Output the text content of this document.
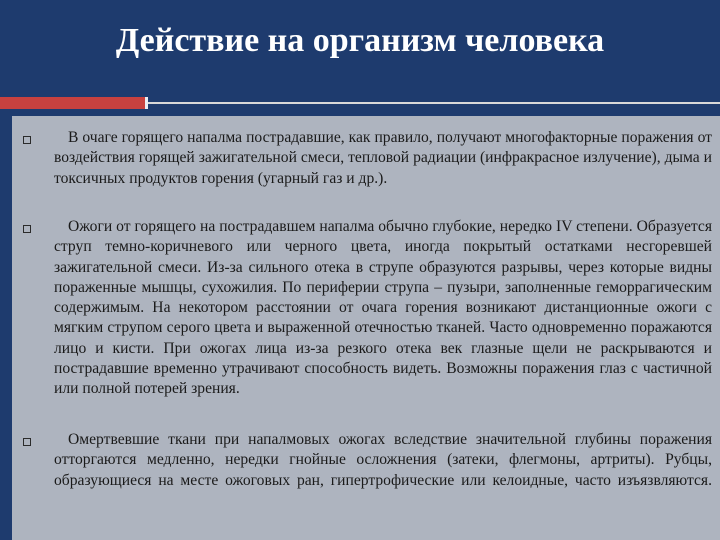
Действие на организм человека

В очаге горящего напалма пострадавшие, как правило, получают многофакторные поражения от воздействия горящей зажигательной смеси, тепловой радиации (инфракрасное излучение), дыма и токсичных продуктов горения (угарный газ и др.).

Ожоги от горящего на пострадавшем напалма обычно глубокие, нередко IV степени. Образуется струп темно-коричневого или черного цвета, иногда покрытый остатками несгоревшей зажигательной смеси. Из-за сильного отека в струпе образуются разрывы, через которые видны пораженные мышцы, сухожилия. По периферии струпа – пузыри, заполненные геморрагическим содержимым. На некотором расстоянии от очага горения возникают дистанционные ожоги с мягким струпом серого цвета и выраженной отечностью тканей. Часто одновременно поражаются лицо и кисти. При ожогах лица из-за резкого отека век глазные щели не раскрываются и пострадавшие временно утрачивают способность видеть. Возможны поражения глаз с частичной или полной потерей зрения.

Омертвевшие ткани при напалмовых ожогах вследствие значительной глубины поражения отторгаются медленно, нередки гнойные осложнения (затеки, флегмоны, артриты). Рубцы, образующиеся на месте ожоговых ран, гипертрофические или келоидные, часто изъязвляются.
